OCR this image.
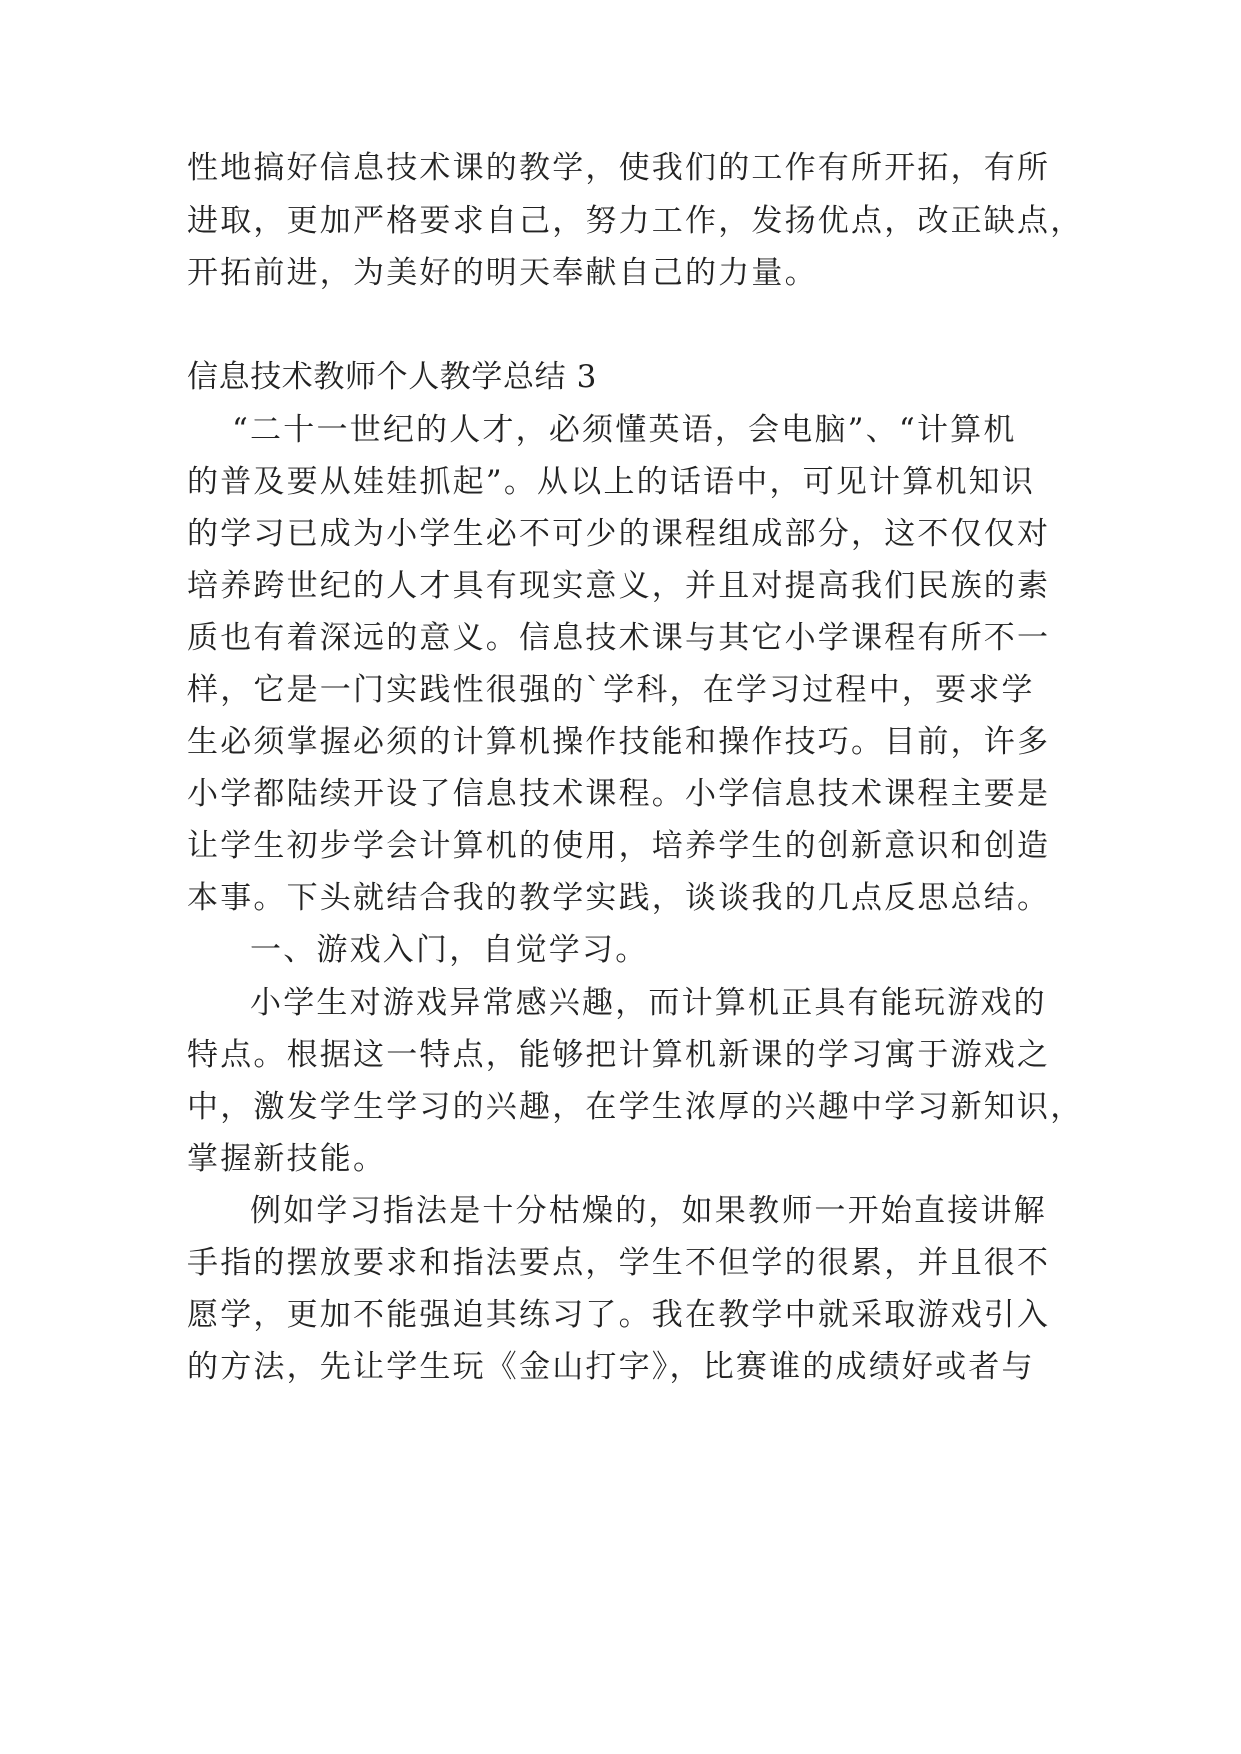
性地搞好信息技术课的教学，使我们的工作有所开拓，有所
进取，更加严格要求自己，努力工作，发扬优点，改正缺点，
开拓前进，为美好的明天奉献自己的力量。
信息技术教师个人教学总结 3
“二十一世纪的人才，必须懂英语，会电脑”、“计算机
的普及要从娃娃抓起”。从以上的话语中，可见计算机知识
的学习已成为小学生必不可少的课程组成部分，这不仅仅对
培养跨世纪的人才具有现实意义，并且对提高我们民族的素
质也有着深远的意义。信息技术课与其它小学课程有所不一
样，它是一门实践性很强的`学科，在学习过程中，要求学
生必须掌握必须的计算机操作技能和操作技巧。目前，许多
小学都陆续开设了信息技术课程。小学信息技术课程主要是
让学生初步学会计算机的使用，培养学生的创新意识和创造
本事。下头就结合我的教学实践，谈谈我的几点反思总结。
一、游戏入门，自觉学习。
小学生对游戏异常感兴趣，而计算机正具有能玩游戏的
特点。根据这一特点，能够把计算机新课的学习寓于游戏之
中，激发学生学习的兴趣，在学生浓厚的兴趣中学习新知识，
掌握新技能。
例如学习指法是十分枯燥的，如果教师一开始直接讲解
手指的摆放要求和指法要点，学生不但学的很累，并且很不
愿学，更加不能强迫其练习了。我在教学中就采取游戏引入
的方法，先让学生玩《金山打字》，比赛谁的成绩好或者与
